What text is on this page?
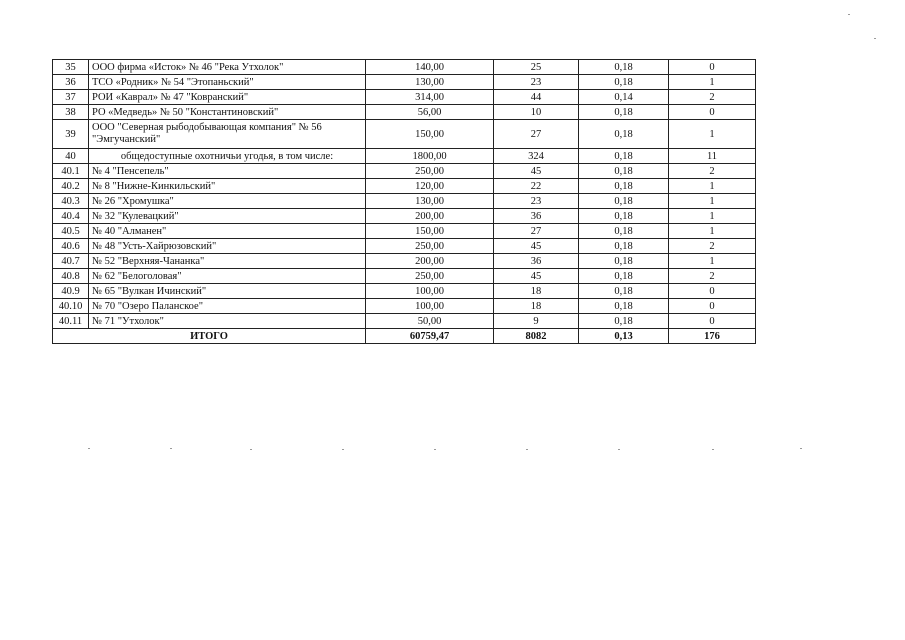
35	ООО фирма «Исток» № 46 "Река Утхолок"	140,00	25	0,18	0
36	ТСО «Родник» № 54 "Этопаньский"	130,00	23	0,18	1
37	РОИ «Каврал» № 47 "Ковранский"	314,00	44	0,14	2
38	РО «Медведь» № 50 "Константиновский"	56,00	10	0,18	0
39	ООО "Северная рыбодобывающая компания" № 56 "Эмгучанский"	150,00	27	0,18	1
40	общедоступные охотничьи угодья, в том числе:	1800,00	324	0,18	11
40.1	№ 4 "Пенсепель"	250,00	45	0,18	2
40.2	№ 8 "Нижне-Кинкильский"	120,00	22	0,18	1
40.3	№ 26 "Хромушка"	130,00	23	0,18	1
40.4	№ 32 "Кулевацкий"	200,00	36	0,18	1
40.5	№ 40 "Алманен"	150,00	27	0,18	1
40.6	№ 48 "Усть-Хайрюзовский"	250,00	45	0,18	2
40.7	№ 52 "Верхняя-Чананка"	200,00	36	0,18	1
40.8	№ 62 "Белоголовая"	250,00	45	0,18	2
40.9	№ 65 "Вулкан Ичинский"	100,00	18	0,18	0
40.10	№ 70 "Озеро Паланское"	100,00	18	0,18	0
40.11	№ 71 "Утхолок"	50,00	9	0,18	0
ИТОГО		60759,47	8082	0,13	176
